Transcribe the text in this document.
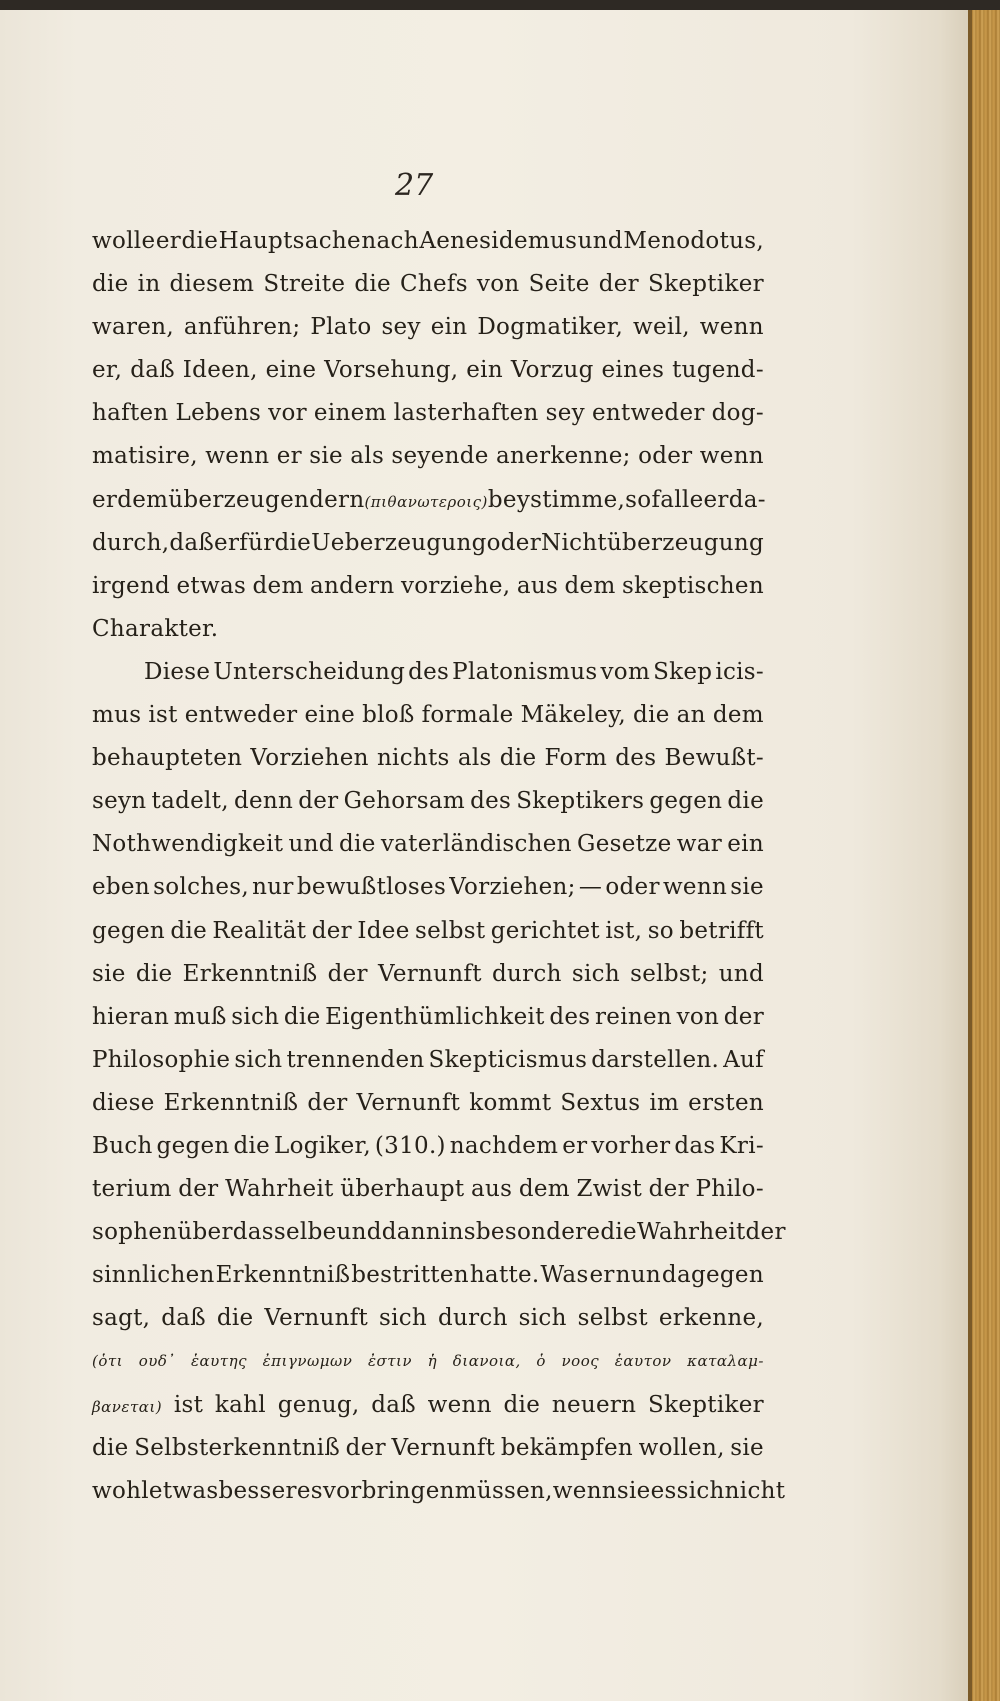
27
wolle er die Hauptsache nach Aenesidemus und Menodotus,
die in diesem Streite die Chefs von Seite der Skeptiker
waren, anführen; Plato sey ein Dogmatiker, weil, wenn
er, daß Ideen, eine Vorsehung, ein Vorzug eines tugend-
haften Lebens vor einem lasterhaften sey entweder dog-
matisire, wenn er sie als seyende anerkenne; oder wenn
er dem überzeugendern (πιθανωτεροις) beystimme, so falle er da-
durch, daß er für die Ueberzeugung oder Nichtüberzeugung
irgend etwas dem andern vorziehe, aus dem skeptischen
Charakter.
Diese Unterscheidung des Platonismus vom Skep icis-
mus ist entweder eine bloß formale Mäkeley, die an dem
behaupteten Vorziehen nichts als die Form des Bewußt-
seyn tadelt, denn der Gehorsam des Skeptikers gegen die
Nothwendigkeit und die vaterländischen Gesetze war ein
eben solches, nur bewußtloses Vorziehen; — oder wenn sie
gegen die Realität der Idee selbst gerichtet ist, so betrifft
sie die Erkenntniß der Vernunft durch sich selbst; und
hieran muß sich die Eigenthümlichkeit des reinen von der
Philosophie sich trennenden Skepticismus darstellen. Auf
diese Erkenntniß der Vernunft kommt Sextus im ersten
Buch gegen die Logiker, (310.) nachdem er vorher das Kri-
terium der Wahrheit überhaupt aus dem Zwist der Philo-
sophen über dasselbe und dann insbesondere die Wahrheit der
sinnlichen Erkenntniß bestritten hatte. Was er nun dagegen
sagt, daß die Vernunft sich durch sich selbst erkenne,
(ὁτι ουδ᾽ ἑαυτης ἐπιγνωμων ἐστιν ἡ διανοια, ὁ νοος ἑαυτον καταλαμ-
βανεται) ist kahl genug, daß wenn die neuern Skeptiker
die Selbsterkenntniß der Vernunft bekämpfen wollen, sie
wohl etwas besseres vorbringen müssen, wenn sie es sich nicht
